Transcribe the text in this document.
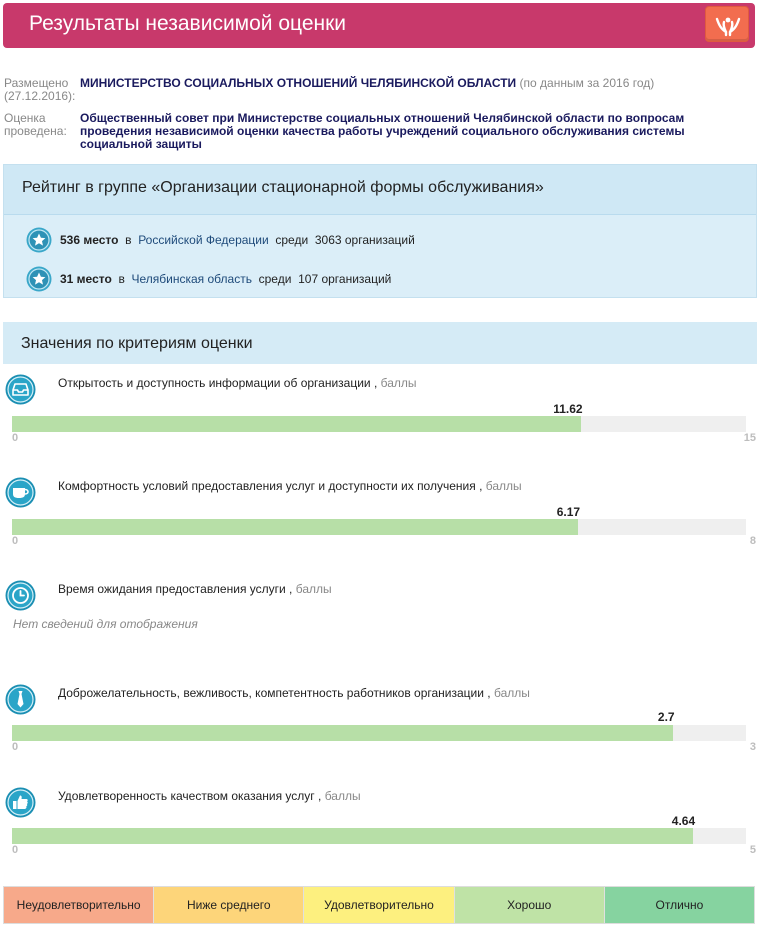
Результаты независимой оценки
Размещено (27.12.2016):
МИНИСТЕРСТВО СОЦИАЛЬНЫХ ОТНОШЕНИЙ ЧЕЛЯБИНСКОЙ ОБЛАСТИ (по данным за 2016 год)
Оценка проведена:
Общественный совет при Министерстве социальных отношений Челябинской области по вопросам проведения независимой оценки качества работы учреждений социального обслуживания системы социальной защиты
Рейтинг в группе «Организации стационарной формы обслуживания»
536 место в Российской Федерации среди 3063 организаций
31 место в Челябинская область среди 107 организаций
Значения по критериям оценки
Открытость и доступность информации об организации , баллы
11.62
0	15
Комфортность условий предоставления услуг и доступности их получения , баллы
6.17
0	8
Время ожидания предоставления услуги , баллы
Нет сведений для отображения
Доброжелательность, вежливость, компетентность работников организации , баллы
2.7
0	3
Удовлетворенность качеством оказания услуг , баллы
4.64
0	5
Неудовлетворительно	Ниже среднего	Удовлетворительно	Хорошо	Отлично
